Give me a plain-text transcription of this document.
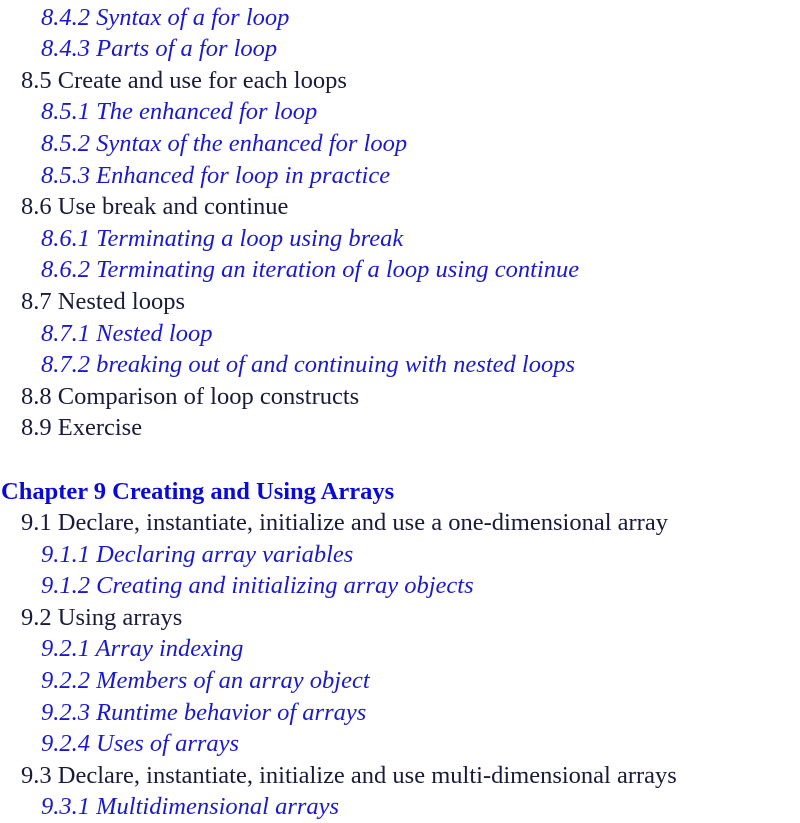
8.4.2 Syntax of a for loop
8.4.3 Parts of a for loop
8.5 Create and use for each loops
8.5.1 The enhanced for loop
8.5.2 Syntax of the enhanced for loop
8.5.3 Enhanced for loop in practice
8.6 Use break and continue
8.6.1 Terminating a loop using break
8.6.2 Terminating an iteration of a loop using continue
8.7 Nested loops
8.7.1 Nested loop
8.7.2 breaking out of and continuing with nested loops
8.8 Comparison of loop constructs
8.9 Exercise
Chapter 9 Creating and Using Arrays
9.1 Declare, instantiate, initialize and use a one-dimensional array
9.1.1 Declaring array variables
9.1.2 Creating and initializing array objects
9.2 Using arrays
9.2.1 Array indexing
9.2.2 Members of an array object
9.2.3 Runtime behavior of arrays
9.2.4 Uses of arrays
9.3 Declare, instantiate, initialize and use multi-dimensional arrays
9.3.1 Multidimensional arrays
